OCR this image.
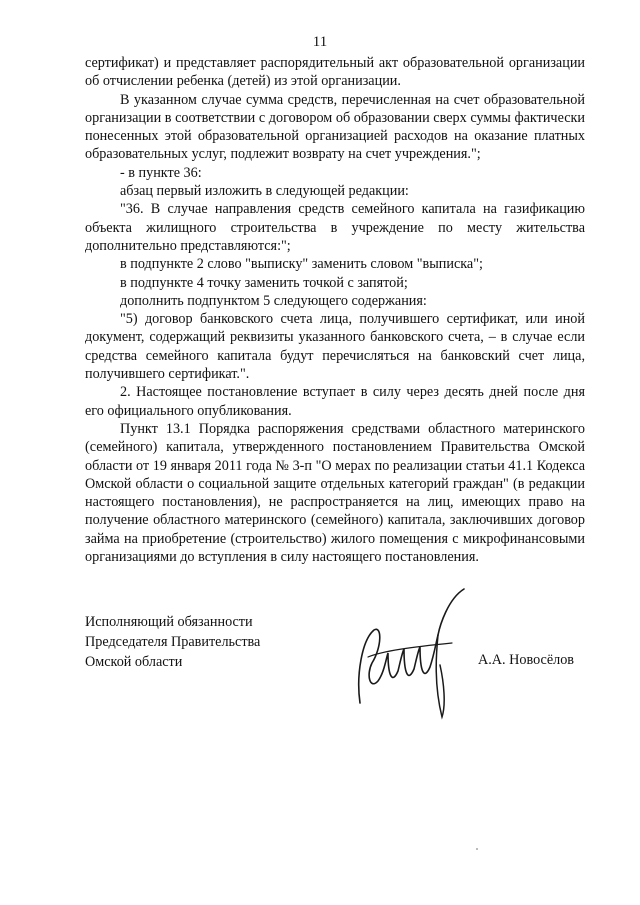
11

сертификат) и представляет распорядительный акт образовательной организации об отчислении ребенка (детей) из этой организации.

В указанном случае сумма средств, перечисленная на счет образовательной организации в соответствии с договором об образовании сверх суммы фактически понесенных этой образовательной организацией расходов на оказание платных образовательных услуг, подлежит возврату на счет учреждения.";

- в пункте 36:

абзац первый изложить в следующей редакции:

"36. В случае направления средств семейного капитала на газификацию объекта жилищного строительства в учреждение по месту жительства дополнительно представляются:";

в подпункте 2 слово "выписку" заменить словом "выписка";

в подпункте 4 точку заменить точкой с запятой;

дополнить подпунктом 5 следующего содержания:

"5) договор банковского счета лица, получившего сертификат, или иной документ, содержащий реквизиты указанного банковского счета, – в случае если средства семейного капитала будут перечисляться на банковский счет лица, получившего сертификат.".

2. Настоящее постановление вступает в силу через десять дней после дня его официального опубликования.

Пункт 13.1 Порядка распоряжения средствами областного материнского (семейного) капитала, утвержденного постановлением Правительства Омской области от 19 января 2011 года № 3-п "О мерах по реализации статьи 41.1 Кодекса Омской области о социальной защите отдельных категорий граждан" (в редакции настоящего постановления), не распространяется на лиц, имеющих право на получение областного материнского (семейного) капитала, заключивших договор займа на приобретение (строительство) жилого помещения с микрофинансовыми организациями до вступления в силу настоящего постановления.

Исполняющий обязанности
Председателя Правительства
Омской области	А.А. Новосёлов
